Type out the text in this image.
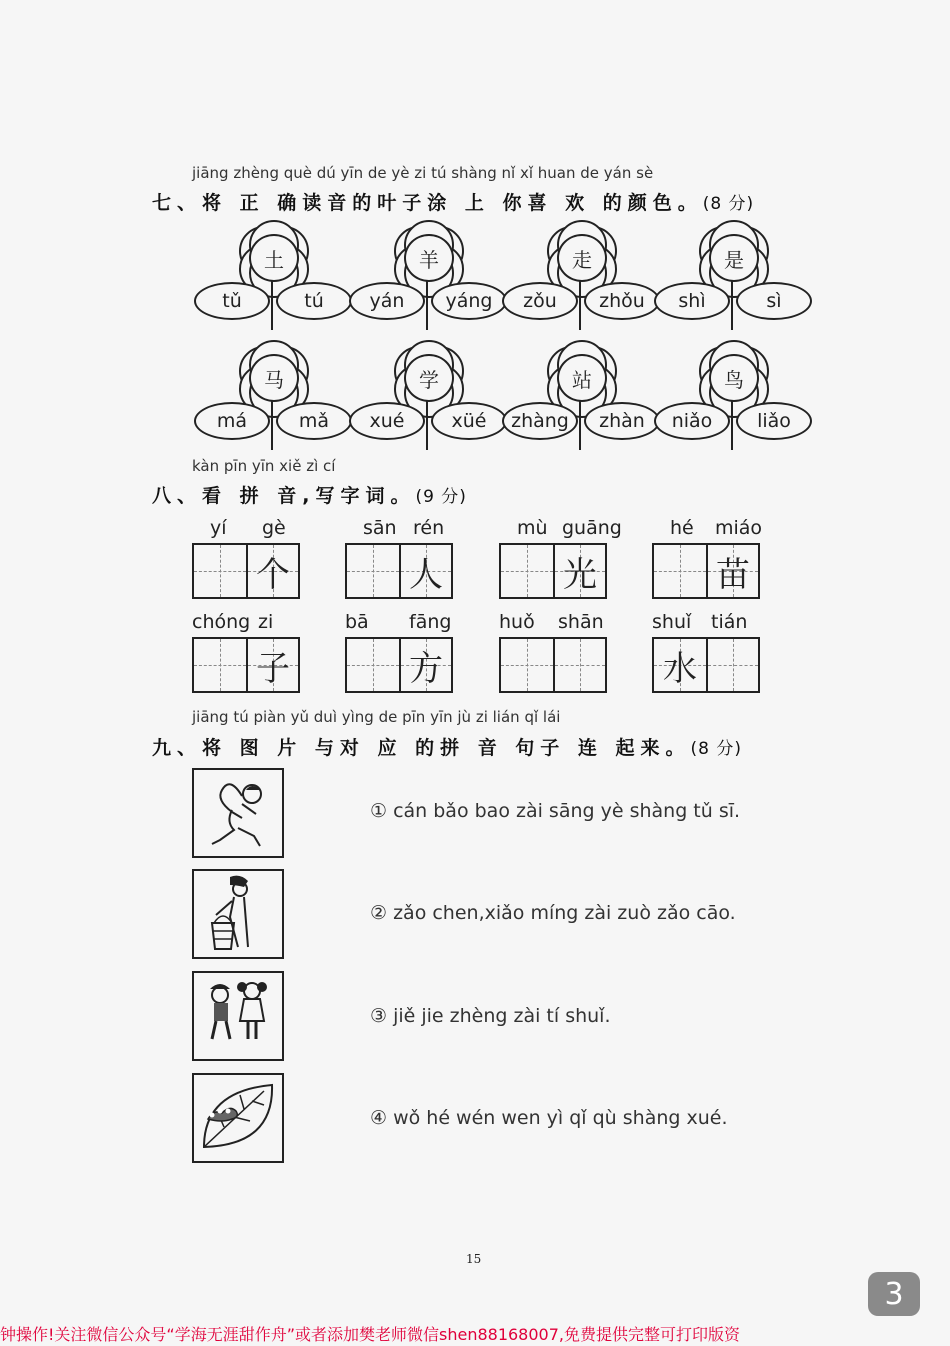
jiāng zhèng què dú yīn de yè zi tú shàng nǐ xǐ huan de yán sè
七、将 正 确读音的叶子涂 上 你喜 欢 的颜色。(8 分)
土
tǔ	tú
羊
yán	yáng
走
zǒu	zhǒu
是
shì	sì
马
má	mǎ
学
xué	xüé
站
zhàng	zhàn
鸟
niǎo	liǎo
kàn pīn yīn xiě zì cí
八、看 拼 音,写字词。(9 分)
yí gè
个
sān rén
人
mù guāng
光
hé miáo
苗
chóng zi
子
bā fāng
方
huǒ shān	shuǐ tián
水
jiāng tú piàn yǔ duì yìng de pīn yīn jù zi lián qǐ lái
九、将 图 片 与对 应 的拼 音 句子 连 起来。(8 分)
① cán bǎo bao zài sāng yè shàng tǔ sī.
② zǎo chen,xiǎo míng zài zuò zǎo cāo.
③ jiě jie zhèng zài tí shuǐ.
④ wǒ hé wén wen yì qǐ qù shàng xué.
15
3
钟操作!关注微信公众号“学海无涯甜作舟”或者添加樊老师微信shen88168007,免费提供完整可打印版资
